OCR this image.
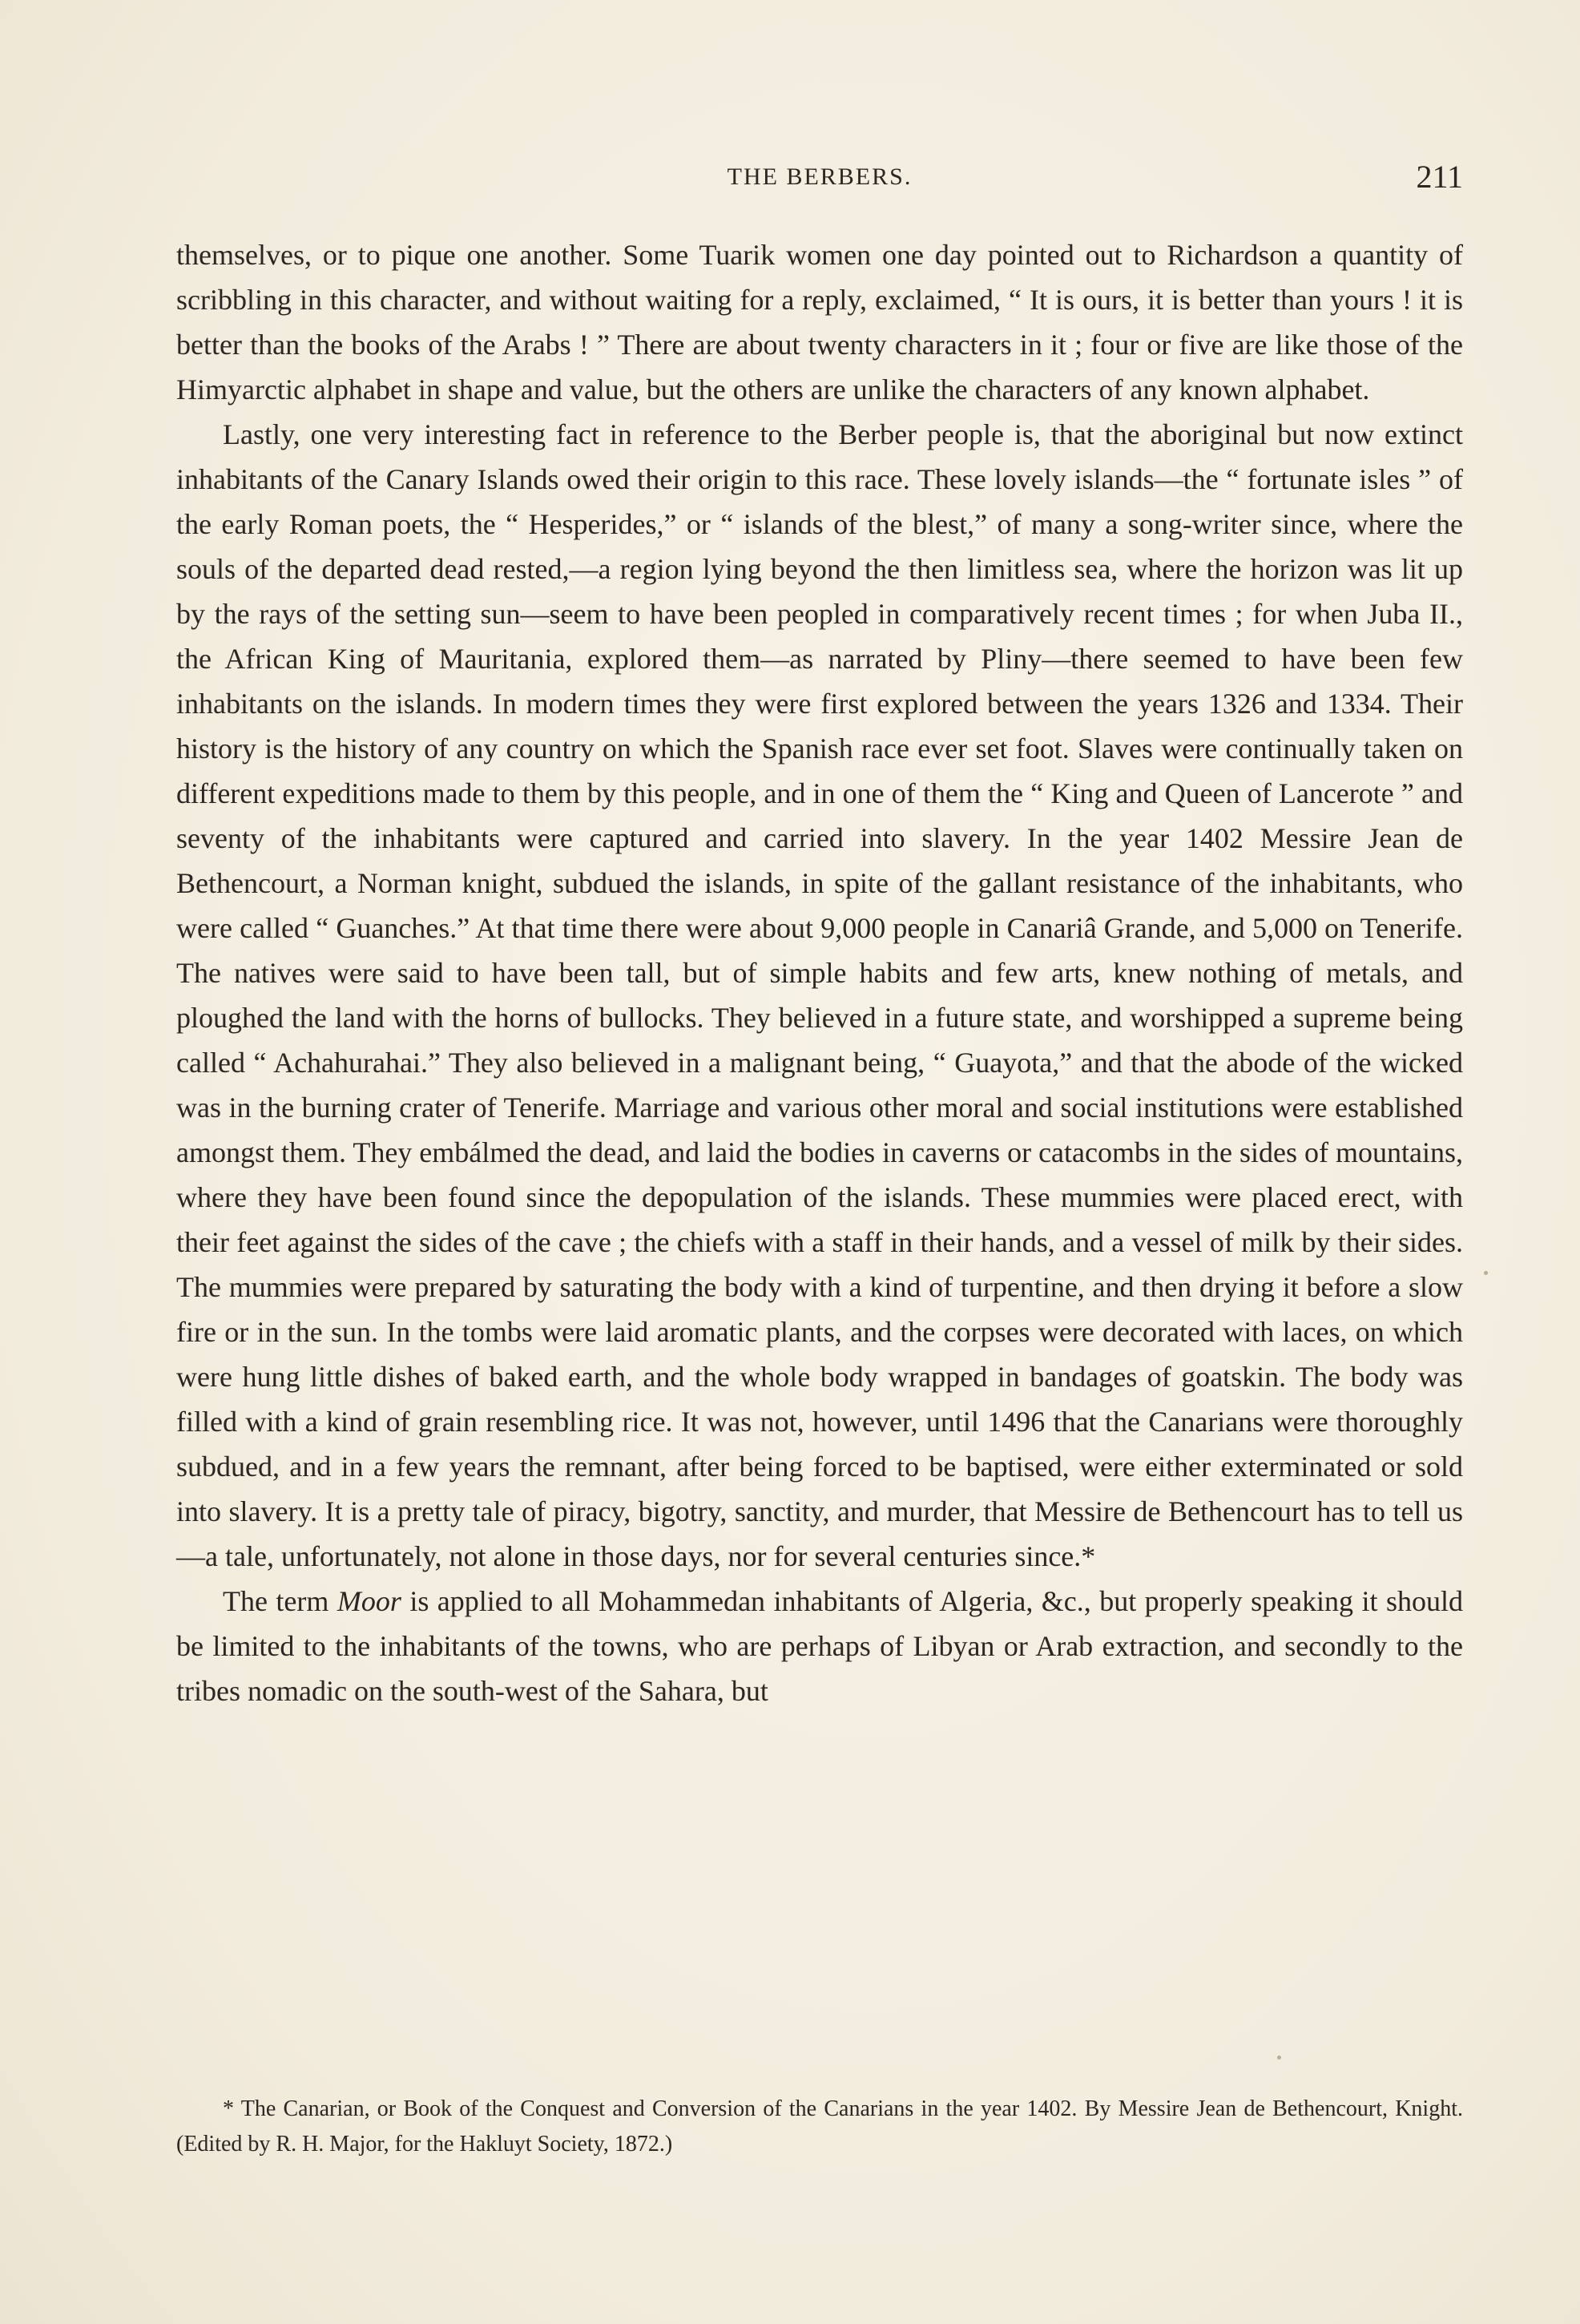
THE BERBERS.	211

themselves, or to pique one another. Some Tuarik women one day pointed out to Richardson a quantity of scribbling in this character, and without waiting for a reply, exclaimed, “ It is ours, it is better than yours ! it is better than the books of the Arabs ! ” There are about twenty characters in it ; four or five are like those of the Himyarctic alphabet in shape and value, but the others are unlike the characters of any known alphabet.

Lastly, one very interesting fact in reference to the Berber people is, that the aboriginal but now extinct inhabitants of the Canary Islands owed their origin to this race. These lovely islands—the “ fortunate isles ” of the early Roman poets, the “ Hesperides,” or “ islands of the blest,” of many a song-writer since, where the souls of the departed dead rested,—a region lying beyond the then limitless sea, where the horizon was lit up by the rays of the setting sun—seem to have been peopled in comparatively recent times ; for when Juba II., the African King of Mauritania, explored them—as narrated by Pliny—there seemed to have been few inhabitants on the islands. In modern times they were first explored between the years 1326 and 1334. Their history is the history of any country on which the Spanish race ever set foot. Slaves were continually taken on different expeditions made to them by this people, and in one of them the “ King and Queen of Lancerote ” and seventy of the inhabitants were captured and carried into slavery. In the year 1402 Messire Jean de Bethencourt, a Norman knight, subdued the islands, in spite of the gallant resistance of the inhabitants, who were called “ Guanches.” At that time there were about 9,000 people in Canariâ Grande, and 5,000 on Tenerife. The natives were said to have been tall, but of simple habits and few arts, knew nothing of metals, and ploughed the land with the horns of bullocks. They believed in a future state, and worshipped a supreme being called “ Achahurahai.” They also believed in a malignant being, “ Guayota,” and that the abode of the wicked was in the burning crater of Tenerife. Marriage and various other moral and social institutions were established amongst them. They embálmed the dead, and laid the bodies in caverns or catacombs in the sides of mountains, where they have been found since the depopulation of the islands. These mummies were placed erect, with their feet against the sides of the cave ; the chiefs with a staff in their hands, and a vessel of milk by their sides. The mummies were prepared by saturating the body with a kind of turpentine, and then drying it before a slow fire or in the sun. In the tombs were laid aromatic plants, and the corpses were decorated with laces, on which were hung little dishes of baked earth, and the whole body wrapped in bandages of goatskin. The body was filled with a kind of grain resembling rice. It was not, however, until 1496 that the Canarians were thoroughly subdued, and in a few years the remnant, after being forced to be baptised, were either exterminated or sold into slavery. It is a pretty tale of piracy, bigotry, sanctity, and murder, that Messire de Bethencourt has to tell us—a tale, unfortunately, not alone in those days, nor for several centuries since.*

The term Moor is applied to all Mohammedan inhabitants of Algeria, &c., but properly speaking it should be limited to the inhabitants of the towns, who are perhaps of Libyan or Arab extraction, and secondly to the tribes nomadic on the south-west of the Sahara, but

* The Canarian, or Book of the Conquest and Conversion of the Canarians in the year 1402. By Messire Jean de Bethencourt, Knight. (Edited by R. H. Major, for the Hakluyt Society, 1872.)
